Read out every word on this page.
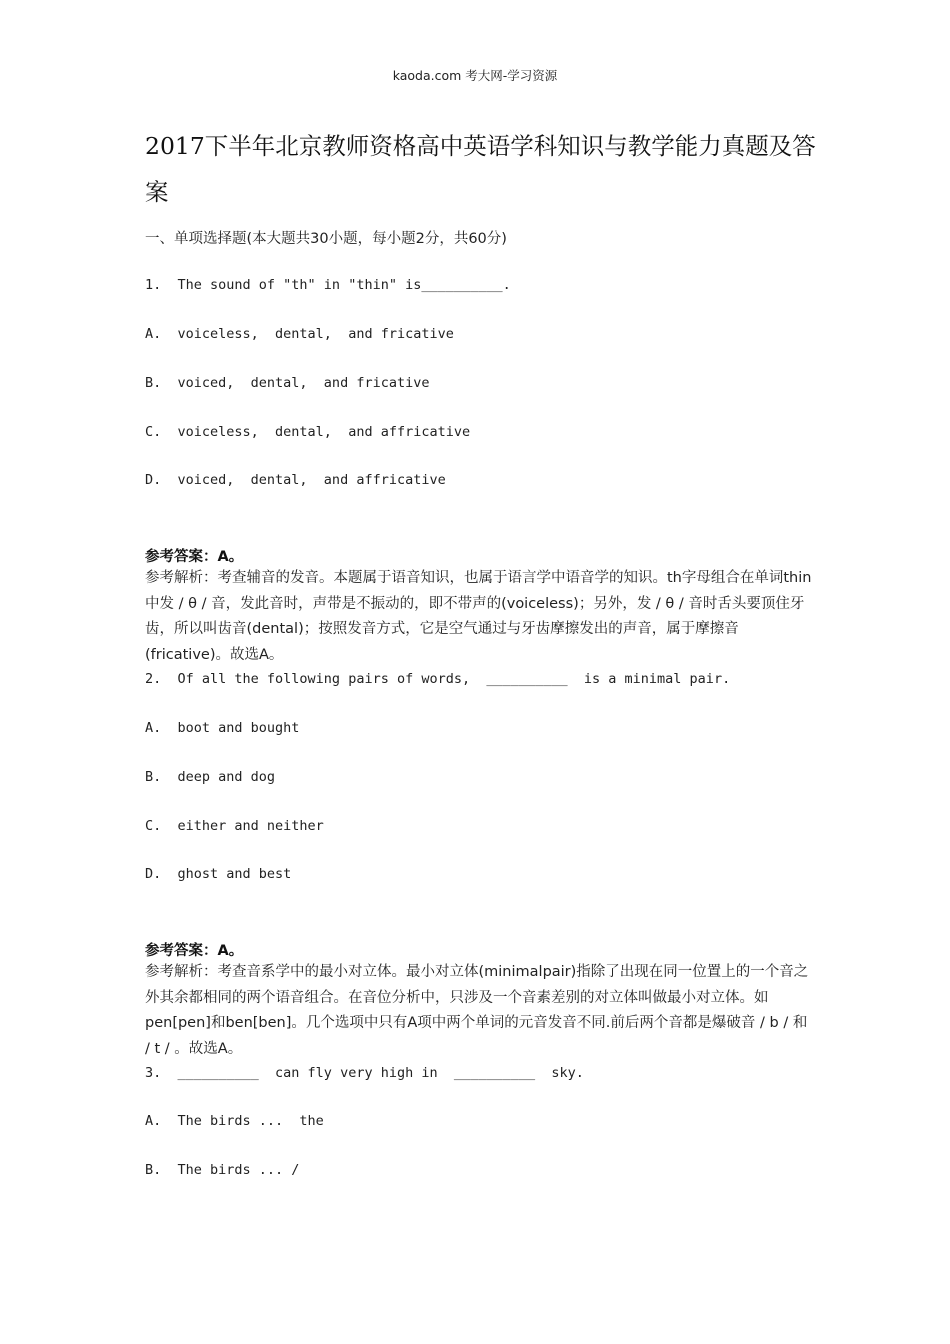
kaoda.com 考大网-学习资源
2017下半年北京教师资格高中英语学科知识与教学能力真题及答案
一、单项选择题(本大题共30小题，每小题2分，共60分)
1.  The sound of "th" in "thin" is__________.
A.  voiceless,  dental,  and fricative
B.  voiced,  dental,  and fricative
C.  voiceless,  dental,  and affricative
D.  voiced,  dental,  and affricative
参考答案：A。
参考解析：考查辅音的发音。本题属于语音知识，也属于语言学中语音学的知识。th字母组合在单词thin中发 / θ / 音，发此音时，声带是不振动的，即不带声的(voiceless)；另外，发 / θ / 音时舌头要顶住牙齿，所以叫齿音(dental)；按照发音方式，它是空气通过与牙齿摩擦发出的声音，属于摩擦音(fricative)。故选A。
2.  Of all the following pairs of words,  __________  is a minimal pair.
A.  boot and bought
B.  deep and dog
C.  either and neither
D.  ghost and best
参考答案：A。
参考解析：考查音系学中的最小对立体。最小对立体(minimalpair)指除了出现在同一位置上的一个音之外其余都相同的两个语音组合。在音位分析中，只涉及一个音素差别的对立体叫做最小对立体。如pen[pen]和ben[ben]。几个选项中只有A项中两个单词的元音发音不同.前后两个音都是爆破音 / b / 和 / t / 。故选A。
3.  __________  can fly very high in  __________  sky.
A.  The birds ...  the
B.  The birds ... /
